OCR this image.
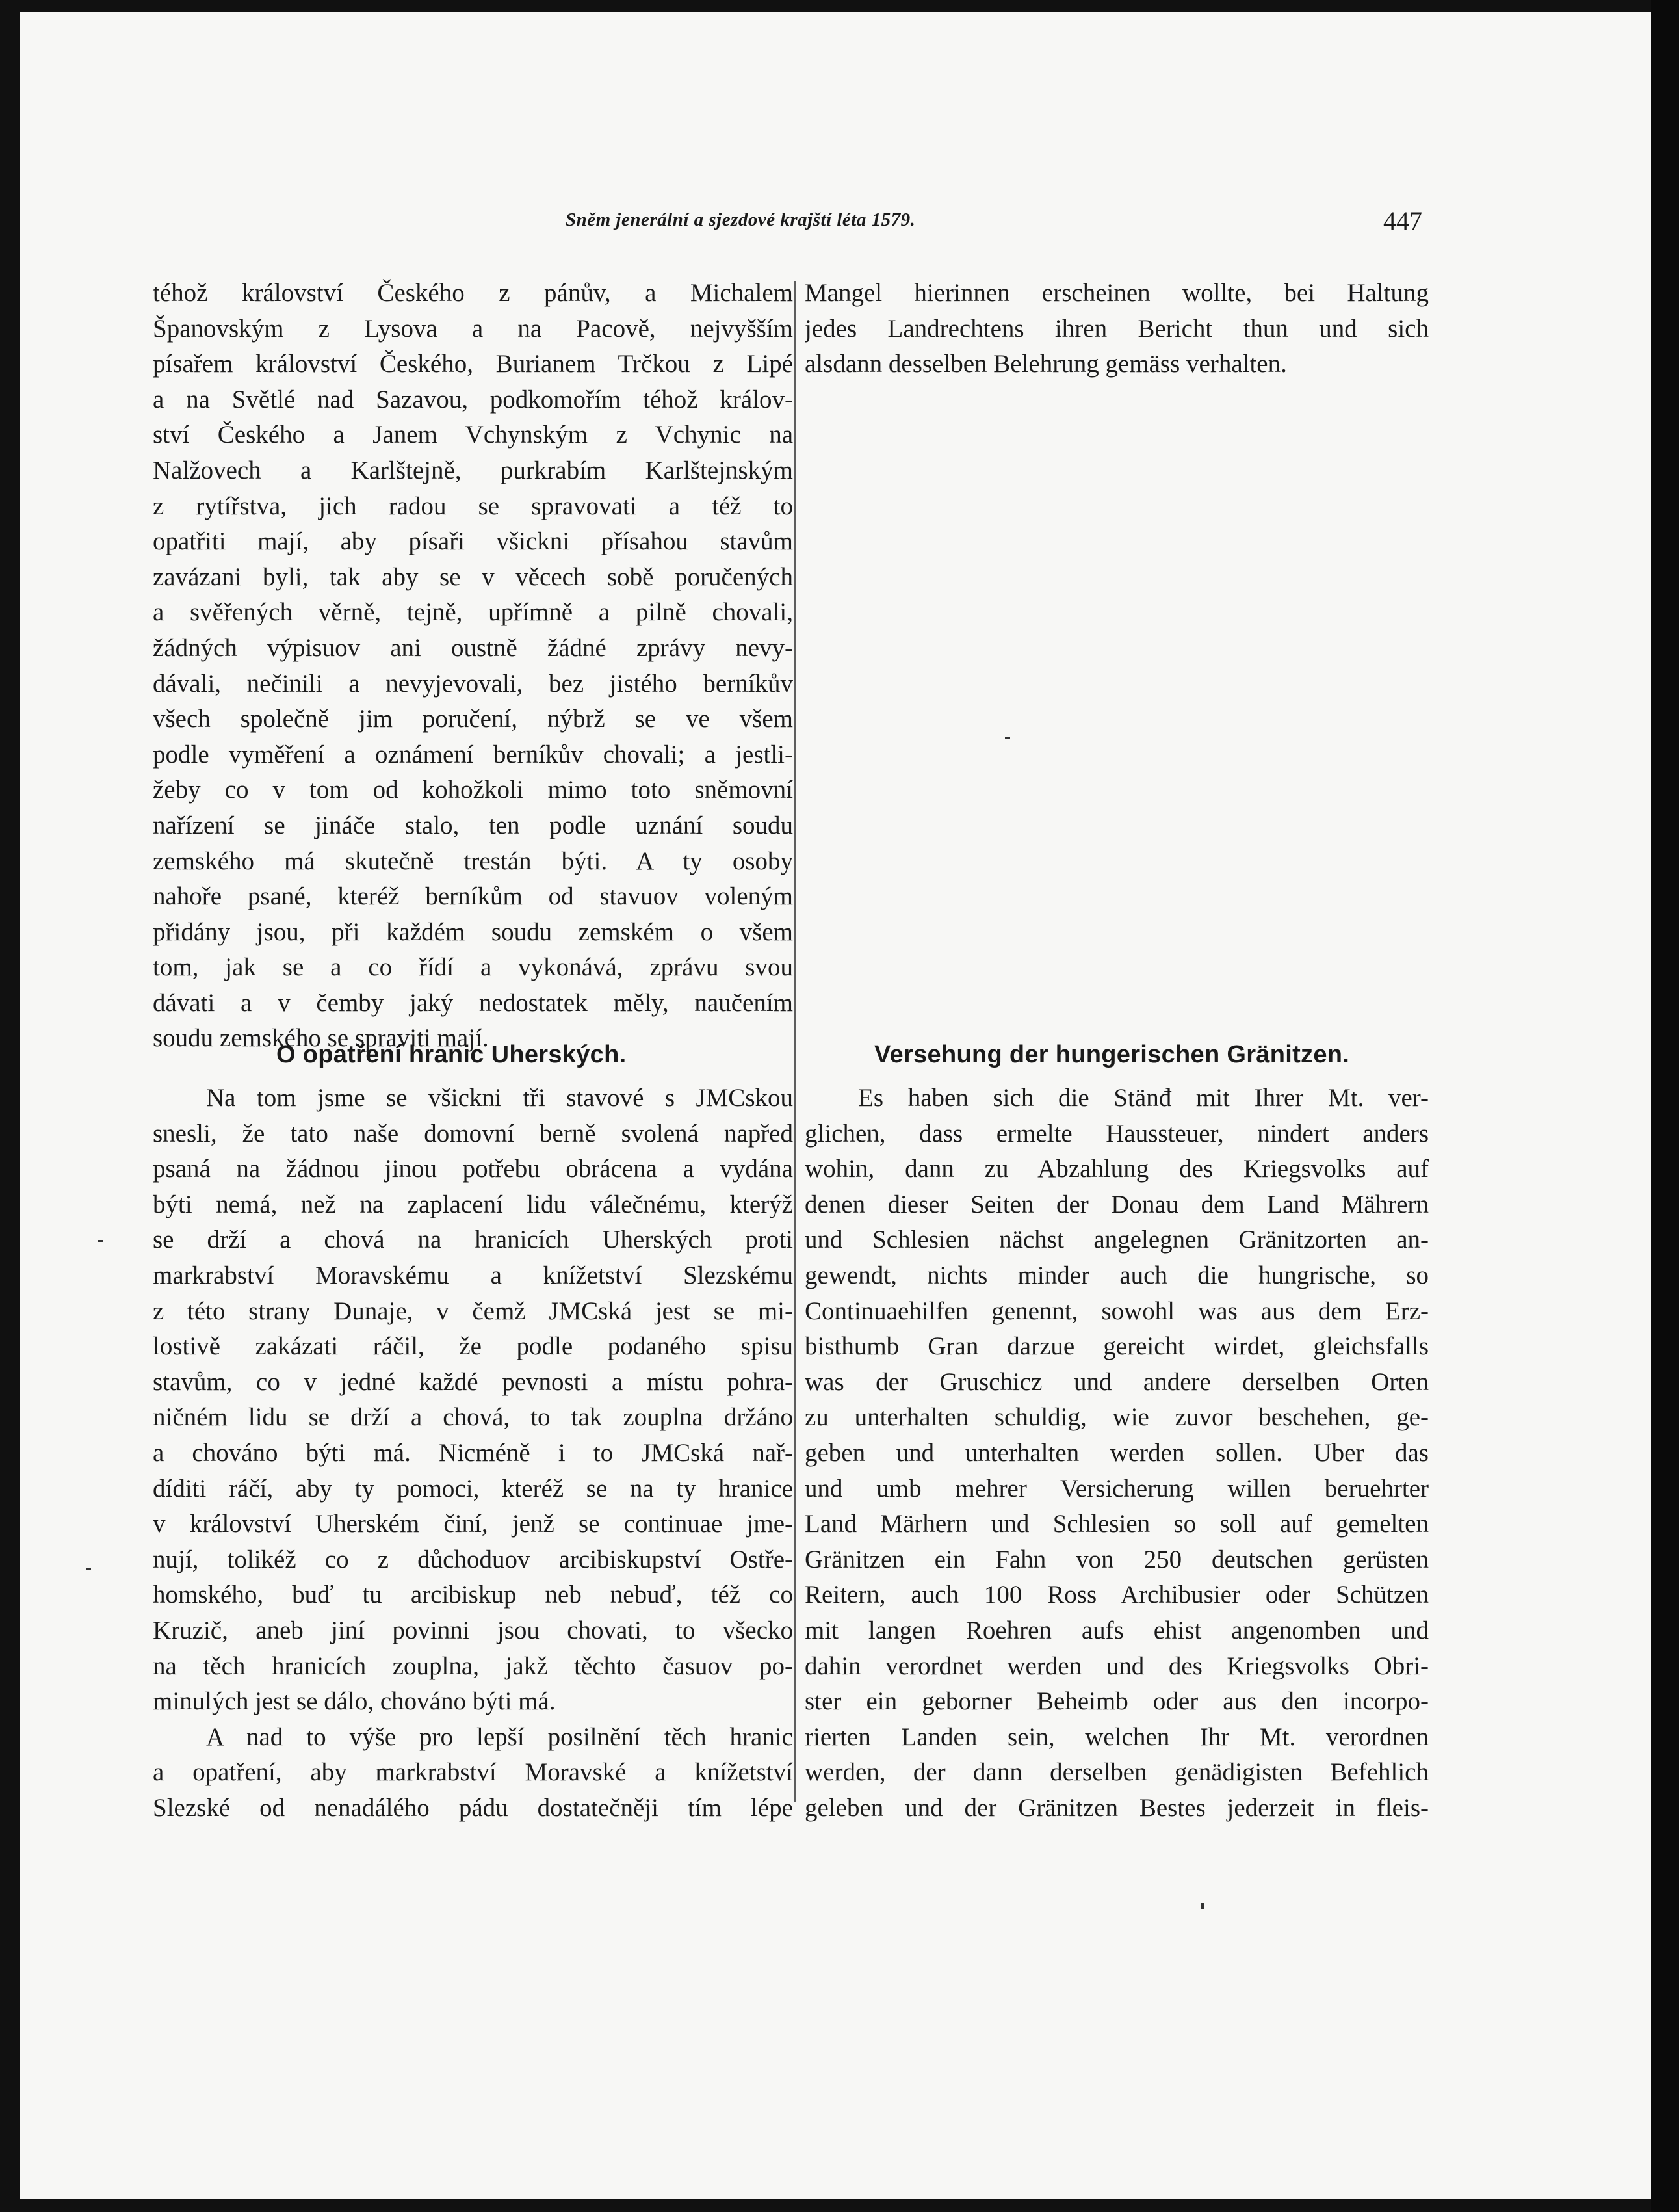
Sněm jenerální a sjezdové krajští léta 1579.	447
téhož království Českého z pánův, a Michalem
Španovským z Lysova a na Pacově, nejvyšším
písařem království Českého, Burianem Trčkou z Lipé
a na Světlé nad Sazavou, podkomořím téhož králov-
ství Českého a Janem Vchynským z Vchynic na
Nalžovech a Karlštejně, purkrabím Karlštejnským
z rytířstva, jich radou se spravovati a též to
opatřiti mají, aby písaři všickni přísahou stavům
zavázani byli, tak aby se v věcech sobě poručených
a svěřených věrně, tejně, upřímně a pilně chovali,
žádných výpisuov ani oustně žádné zprávy nevy-
dávali, nečinili a nevyjevovali, bez jistého berníkův
všech společně jim poručení, nýbrž se ve všem
podle vyměření a oznámení berníkův chovali; a jestli-
žeby co v tom od kohožkoli mimo toto sněmovní
nařízení se jináče stalo, ten podle uznání soudu
zemského má skutečně trestán býti. A ty osoby
nahoře psané, kteréž berníkům od stavuov voleným
přidány jsou, při každém soudu zemském o všem
tom, jak se a co řídí a vykonává, zprávu svou
dávati a v čemby jaký nedostatek měly, naučením
soudu zemského se spraviti mají.
O opatření hranic Uherských.
Na tom jsme se všickni tři stavové s JMCskou
snesli, že tato naše domovní berně svolená napřed
psaná na žádnou jinou potřebu obrácena a vydána
býti nemá, než na zaplacení lidu válečnému, kterýž
se drží a chová na hranicích Uherských proti
markrabství Moravskému a knížetství Slezskému
z této strany Dunaje, v čemž JMCská jest se mi-
lostivě zakázati ráčil, že podle podaného spisu
stavům, co v jedné každé pevnosti a místu pohra-
ničném lidu se drží a chová, to tak zouplna držáno
a chováno býti má. Nicméně i to JMCská nař-
díditi ráčí, aby ty pomoci, kteréž se na ty hranice
v království Uherském činí, jenž se continuae jme-
nují, tolikéž co z důchoduov arcibiskupství Ostře-
homského, buď tu arcibiskup neb nebuď, též co
Kruzič, aneb jiní povinni jsou chovati, to všecko
na těch hranicích zouplna, jakž těchto časuov po-
minulých jest se dálo, chováno býti má.
A nad to výše pro lepší posilnění těch hranic
a opatření, aby markrabství Moravské a knížetství
Slezské od nenadálého pádu dostatečněji tím lépe
Mangel hierinnen erscheinen wollte, bei Haltung
jedes Landrechtens ihren Bericht thun und sich
alsdann desselben Belehrung gemäss verhalten.
Versehung der hungerischen Gränitzen.
Es haben sich die Stänđ mit Ihrer Mt. ver-
glichen, dass ermelte Haussteuer, nindert anders
wohin, dann zu Abzahlung des Kriegsvolks auf
denen dieser Seiten der Donau dem Land Mährern
und Schlesien nächst angelegnen Gränitzorten an-
gewendt, nichts minder auch die hungrische, so
Continuaehilfen genennt, sowohl was aus dem Erz-
bisthumb Gran darzue gereicht wirdet, gleichsfalls
was der Gruschicz und andere derselben Orten
zu unterhalten schuldig, wie zuvor beschehen, ge-
geben und unterhalten werden sollen. Uber das
und umb mehrer Versicherung willen beruehrter
Land Märhern und Schlesien so soll auf gemelten
Gränitzen ein Fahn von 250 deutschen gerüsten
Reitern, auch 100 Ross Archibusier oder Schützen
mit langen Roehren aufs ehist angenomben und
dahin verordnet werden und des Kriegsvolks Obri-
ster ein geborner Beheimb oder aus den incorpo-
rierten Landen sein, welchen Ihr Mt. verordnen
werden, der dann derselben genädigisten Befehlich
geleben und der Gränitzen Bestes jederzeit in fleis-
